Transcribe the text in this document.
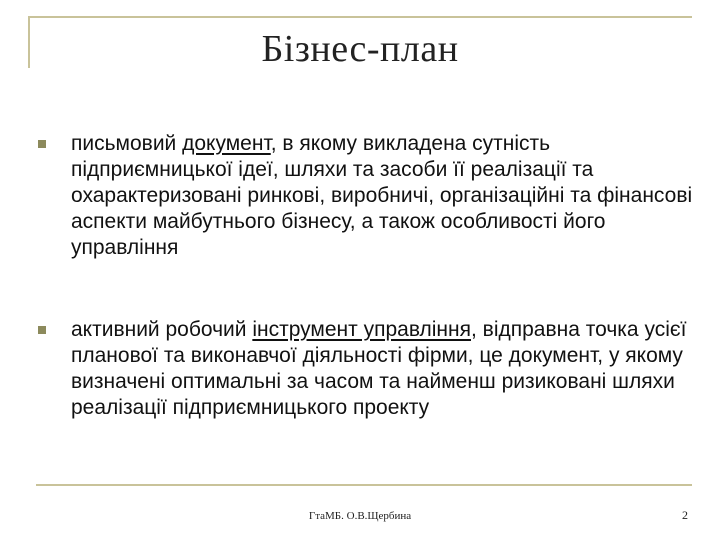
Бізнес-план
письмовий документ, в якому викладена сутність підприємницької ідеї, шляхи та засоби її реалізації та охарактеризовані ринкові, виробничі, організаційні та фінансові аспекти майбутнього бізнесу, а також особливості його управління
активний робочий інструмент управління, відправна точка усієї планової та виконавчої діяльності фірми, це документ, у якому визначені оптимальні за часом та найменш ризиковані шляхи реалізації підприємницького проекту
ГтаМБ. О.В.Щербина	2
